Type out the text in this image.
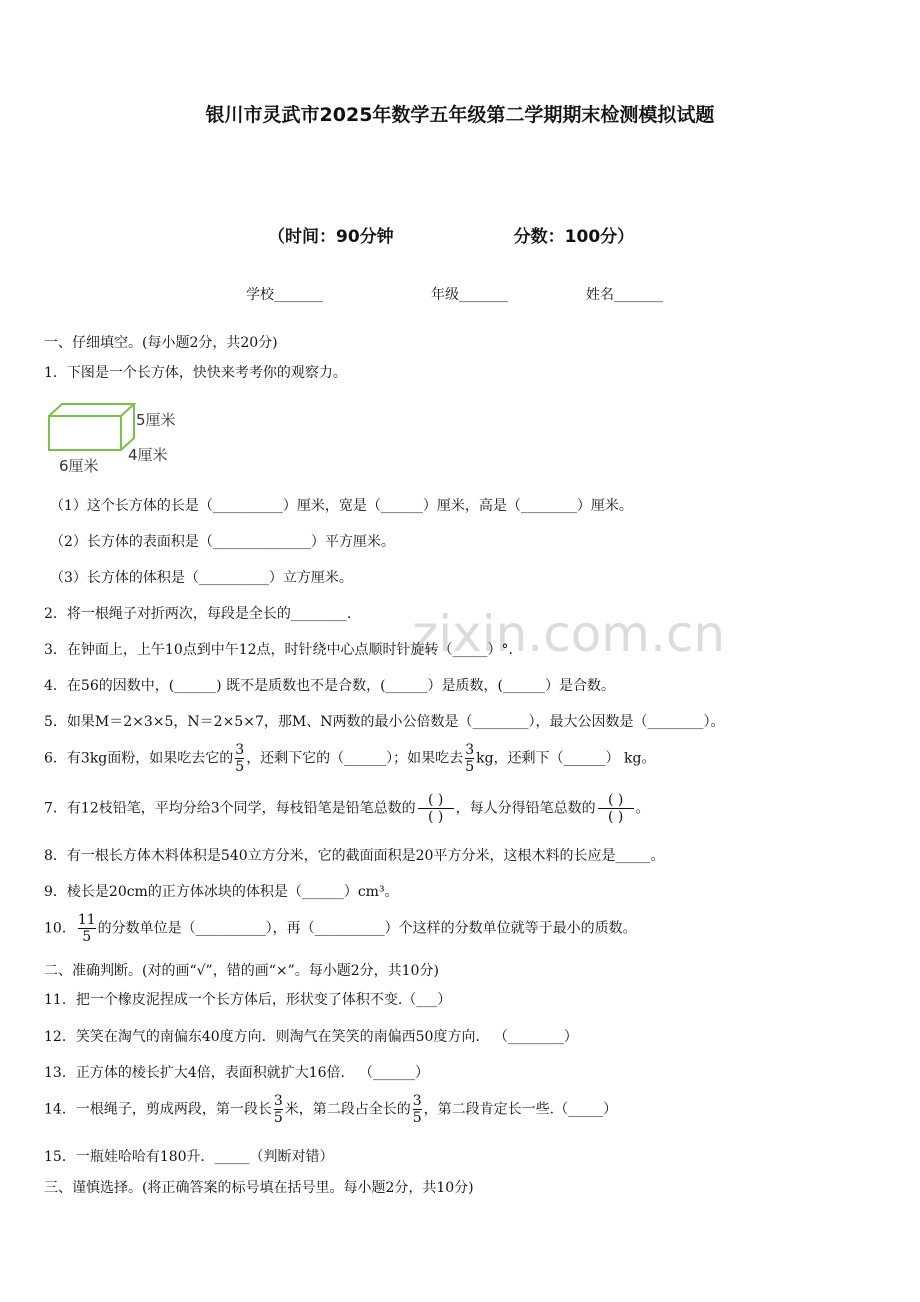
zixin.com.cn
银川市灵武市2025年数学五年级第二学期期末检测模拟试题
（时间：90分钟	分数：100分）
学校_______	年级_______	姓名_______
一、仔细填空。(每小题2分，共20分)
1．下图是一个长方体，快快来考考你的观察力。
5厘米
4厘米
6厘米
（1）这个长方体的长是（__________）厘米，宽是（______）厘米，高是（________）厘米。
（2）长方体的表面积是（______________）平方厘米。
（3）长方体的体积是（__________）立方厘米。
2．将一根绳子对折两次，每段是全长的________.
3．在钟面上，上午10点到中午12点，时针绕中心点顺时针旋转（_____）°.
4．在56的因数中，(______) 既不是质数也不是合数，(______）是质数，(______）是合数。
5．如果M＝2×3×5，N＝2×5×7，那M、N两数的最小公倍数是（________），最大公因数是（________）。
6．有3kg面粉，如果吃去它的 $\frac{3}{5}$ ，还剩下它的（______）；如果吃去 $\frac{3}{5}$ kg，还剩下（______） kg。
7．有12枝铅笔，平均分给3个同学，每枝铅笔是铅笔总数的 $\frac{( )}{( )}$ ，每人分得铅笔总数的 $\frac{( )}{( )}$ 。
8．有一根长方体木料体积是540立方分米，它的截面面积是20平方分米，这根木料的长应是_____。
9．棱长是20cm的正方体冰块的体积是（______）cm³。
10． $\frac{11}{5}$ 的分数单位是（__________），再（__________）个这样的分数单位就等于最小的质数。
二、准确判断。(对的画“√”，错的画“×”。每小题2分，共10分)
11．把一个橡皮泥捏成一个长方体后，形状变了体积不变.（___）
12．笑笑在淘气的南偏东40度方向．则淘气在笑笑的南偏西50度方向． （________）
13．正方体的棱长扩大4倍，表面积就扩大16倍． （______）
14．一根绳子，剪成两段，第一段长 $\frac{3}{5}$ 米，第二段占全长的 $\frac{3}{5}$ ，第二段肯定长一些.（_____）
15．一瓶娃哈哈有180升．_____（判断对错）
三、谨慎选择。(将正确答案的标号填在括号里。每小题2分，共10分)
